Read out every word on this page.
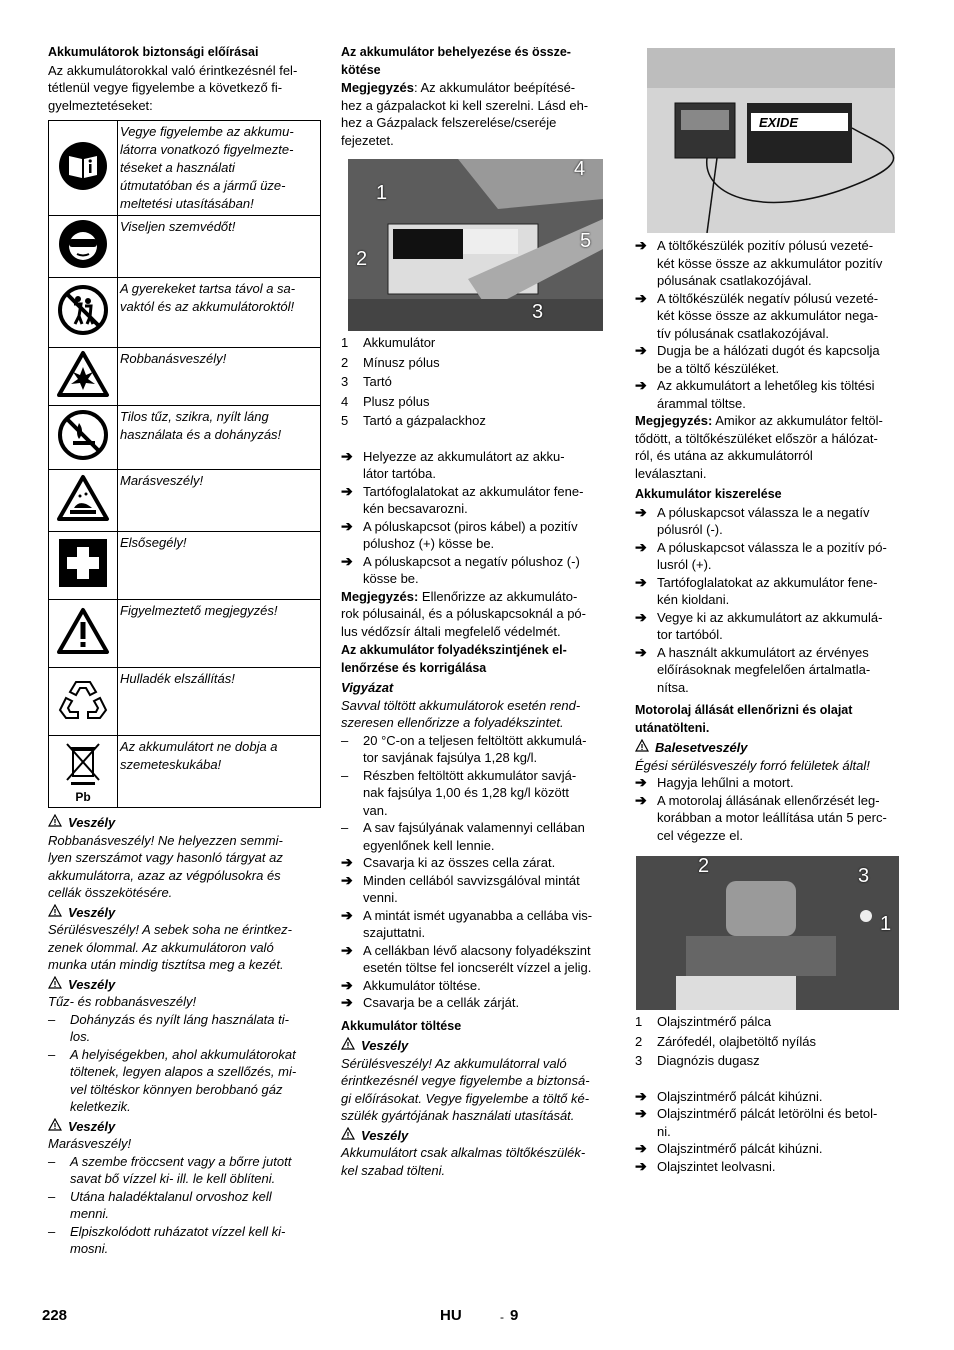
Akkumulátorok biztonsági előírásai
Az akkumulátorokkal való érintkezésnél fel-
tétlenül vegye figyelembe a következő fi-
gyelmeztetéseket:

Vegye figyelembe az akkumu-
látorra vonatkozó figyelmezte-
téseket a használati
útmutatóban és a jármű üze-
meltetési utasításában!

Viseljen szemvédőt!

A gyerekeket tartsa távol a sa-
vaktól és az akkumulátoroktól!

Robbanásveszély!

Tilos tűz, szikra, nyílt láng
használata és a dohányzás!

Marásveszély!

Elsősegély!

Figyelmeztető megjegyzés!

Hulladék elszállítás!

Pb	Az akkumulátort ne dobja a
szemeteskukába!
Veszély
Robbanásveszély! Ne helyezzen semmi-
lyen szerszámot vagy hasonló tárgyat az
akkumulátorra, azaz az végpólusokra és
cellák összekötésére.
Veszély
Sérülésveszély! A sebek soha ne érintkez-
zenek ólommal. Az akkumulátoron való
munka után mindig tisztítsa meg a kezét.
Veszély
Tűz- és robbanásveszély!
– Dohányzás és nyílt láng használata ti-
los.
– A helyiségekben, ahol akkumulátorokat
töltenek, legyen alapos a szellőzés, mi-
vel töltéskor könnyen berobbanó gáz
keletkezik.
Veszély
Marásveszély!
– A szembe fröccsent vagy a bőrre jutott
savat bő vízzel ki- ill. le kell öblíteni.
– Utána haladéktalanul orvoshoz kell
menni.
– Elpiszkolódott ruházatot vízzel kell ki-
mosni.
Az akkumulátor behelyezése és össze-
kötése
Megjegyzés: Az akkumulátor beépítésé-
hez a gázpalackot ki kell szerelni. Lásd eh-
hez a Gázpalack felszerelése/cseréje
fejezetet.
1
2
3
4
5
1	Akkumulátor
2	Mínusz pólus
3	Tartó
4	Plusz pólus
5	Tartó a gázpalackhoz
➔ Helyezze az akkumulátort az akku-
látor tartóba.
➔ Tartófoglalatokat az akkumulátor fene-
kén becsavarozni.
➔ A póluskapcsot (piros kábel) a pozitív
pólushoz (+) kösse be.
➔ A póluskapcsot a negatív pólushoz (-)
kösse be.
Megjegyzés: Ellenőrizze az akkumuláto-
rok pólusainál, és a póluskapcsoknál a pó-
lus védőzsír általi megfelelő védelmét.
Az akkumulátor folyadékszintjének el-
lenőrzése és korrigálása
Vigyázat
Savval töltött akkumulátorok esetén rend-
szeresen ellenőrizze a folyadékszintet.
– 20 °C-on a teljesen feltöltött akkumulá-
tor savjának fajsúlya 1,28 kg/l.
– Részben feltöltött akkumulátor savjá-
nak fajsúlya 1,00 és 1,28 kg/l között
van.
– A sav fajsúlyának valamennyi cellában
egyenlőnek kell lennie.
➔ Csavarja ki az összes cella zárat.
➔ Minden cellából savvizsgálóval mintát
venni.
➔ A mintát ismét ugyanabba a cellába vis-
szajuttatni.
➔ A cellákban lévő alacsony folyadékszint
esetén töltse fel ioncserélt vízzel a jelig.
➔ Akkumulátor töltése.
➔ Csavarja be a cellák zárját.
Akkumulátor töltése
Veszély
Sérülésveszély! Az akkumulátorral való
érintkezésnél vegye figyelembe a biztonsá-
gi előírásokat. Vegye figyelembe a töltő ké-
szülék gyártójának használati utasítását.
Veszély
Akkumulátort csak alkalmas töltőkészülék-
kel szabad tölteni.
EXIDE
➔ A töltőkészülék pozitív pólusú vezeté-
két kösse össze az akkumulátor pozitív
pólusának csatlakozójával.
➔ A töltőkészülék negatív pólusú vezeté-
két kösse össze az akkumulátor nega-
tív pólusának csatlakozójával.
➔ Dugja be a hálózati dugót és kapcsolja
be a töltő készüléket.
➔ Az akkumulátort a lehetőleg kis töltési
árammal töltse.
Megjegyzés: Amikor az akkumulátor feltöl-
tődött, a töltőkészüléket először a hálózat-
ról, és utána az akkumulátorról
leválasztani.
Akkumulátor kiszerelése
➔ A póluskapcsot válassza le a negatív
pólusról (-).
➔ A póluskapcsot válassza le a pozitív pó-
lusról (+).
➔ Tartófoglalatokat az akkumulátor fene-
kén kioldani.
➔ Vegye ki az akkumulátort az akkumulá-
tor tartóból.
➔ A használt akkumulátort az érvényes
előírásoknak megfelelően ártalmatla-
nítsa.
Motorolaj állását ellenőrizni és olajat
utánatölteni.
Balesetveszély
Égési sérülésveszély forró felületek által!
➔ Hagyja lehűlni a motort.
➔ A motorolaj állásának ellenőrzését leg-
korábban a motor leállítása után 5 perc-
cel végezze el.
2	3
1
1	Olajszintmérő pálca
2	Zárófedél, olajbetöltő nyílás
3	Diagnózis dugasz
➔ Olajszintmérő pálcát kihúzni.
➔ Olajszintmérő pálcát letörölni és betol-
ni.
➔ Olajszintmérő pálcát kihúzni.
➔ Olajszintet leolvasni.
228	HU	- 9
